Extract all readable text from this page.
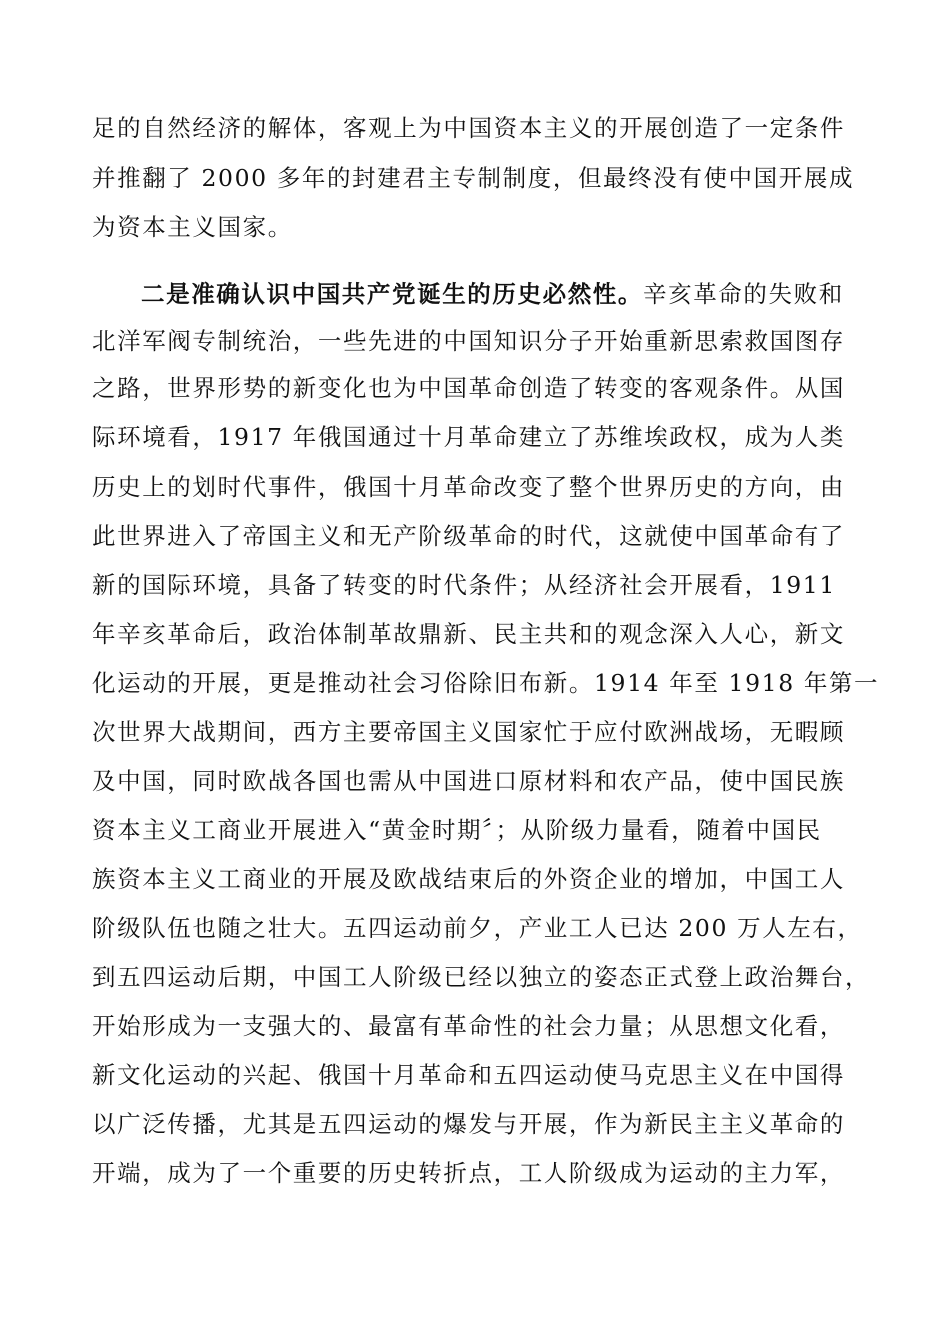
足的自然经济的解体，客观上为中国资本主义的开展创造了一定条件
并推翻了 2000 多年的封建君主专制制度，但最终没有使中国开展成
为资本主义国家。
二是准确认识中国共产党诞生的历史必然性。辛亥革命的失败和
北洋军阀专制统治，一些先进的中国知识分子开始重新思索救国图存
之路，世界形势的新变化也为中国革命创造了转变的客观条件。从国
际环境看，1917 年俄国通过十月革命建立了苏维埃政权，成为人类
历史上的划时代事件，俄国十月革命改变了整个世界历史的方向，由
此世界进入了帝国主义和无产阶级革命的时代，这就使中国革命有了
新的国际环境，具备了转变的时代条件；从经济社会开展看，1911
年辛亥革命后，政治体制革故鼎新、民主共和的观念深入人心，新文
化运动的开展，更是推动社会习俗除旧布新。1914 年至 1918 年第一
次世界大战期间，西方主要帝国主义国家忙于应付欧洲战场，无暇顾
及中国，同时欧战各国也需从中国进口原材料和农产品，使中国民族
资本主义工商业开展进入“黄金时期〞；从阶级力量看，随着中国民
族资本主义工商业的开展及欧战结束后的外资企业的增加，中国工人
阶级队伍也随之壮大。五四运动前夕，产业工人已达 200 万人左右，
到五四运动后期，中国工人阶级已经以独立的姿态正式登上政治舞台，
开始形成为一支强大的、最富有革命性的社会力量；从思想文化看，
新文化运动的兴起、俄国十月革命和五四运动使马克思主义在中国得
以广泛传播，尤其是五四运动的爆发与开展，作为新民主主义革命的
开端，成为了一个重要的历史转折点，工人阶级成为运动的主力军，
